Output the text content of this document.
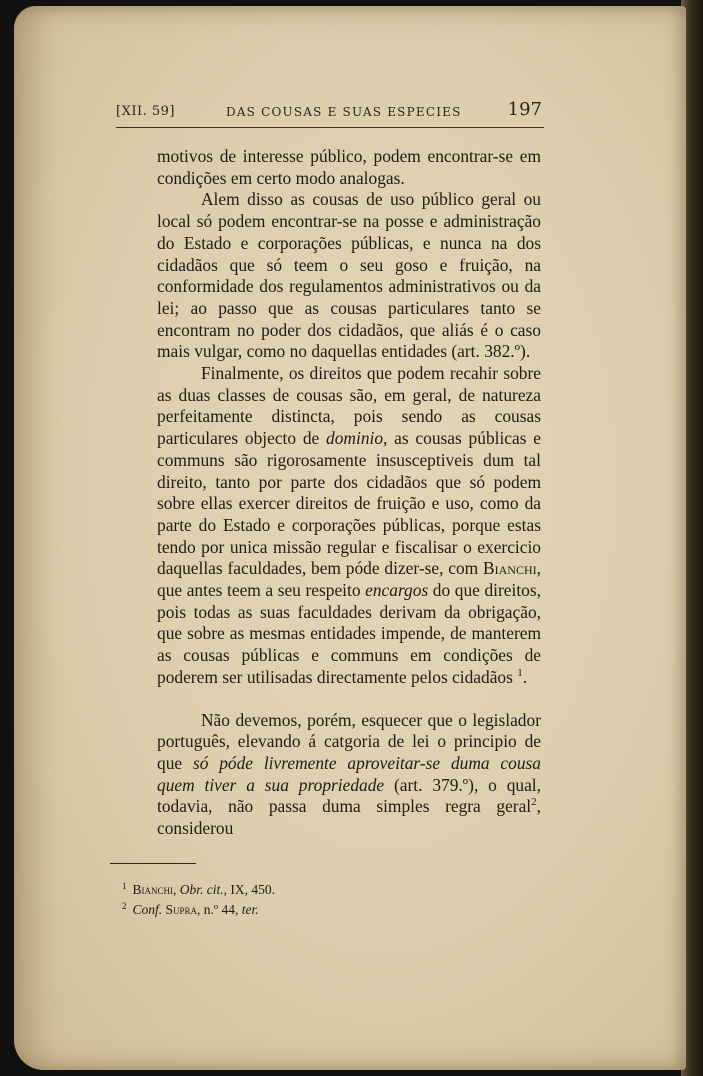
[XII. 59]	DAS COUSAS E SUAS ESPECIES	197

motivos de interesse público, podem encontrar-se em condições em certo modo analogas.

Alem disso as cousas de uso público geral ou local só podem encontrar-se na posse e administração do Estado e corporações públicas, e nunca na dos cidadãos que só teem o seu goso e fruição, na conformidade dos regulamentos administrativos ou da lei; ao passo que as cousas particulares tanto se encontram no poder dos cidadãos, que aliás é o caso mais vulgar, como no daquellas entidades (art. 382.º).

Finalmente, os direitos que podem recahir sobre as duas classes de cousas são, em geral, de natureza perfeitamente distincta, pois sendo as cousas particulares objecto de dominio, as cousas públicas e communs são rigorosamente insusceptiveis dum tal direito, tanto por parte dos cidadãos que só podem sobre ellas exercer direitos de fruição e uso, como da parte do Estado e corporações públicas, porque estas tendo por unica missão regular e fiscalisar o exercicio daquellas faculdades, bem póde dizer-se, com Bianchi, que antes teem a seu respeito encargos do que direitos, pois todas as suas faculdades derivam da obrigação, que sobre as mesmas entidades impende, de manterem as cousas públicas e communs em condições de poderem ser utilisadas directamente pelos cidadãos $^1$.

Não devemos, porém, esquecer que o legislador português, elevando á catgoria de lei o principio de que só póde livremente aproveitar-se duma cousa quem tiver a sua propriedade (art. 379.º), o qual, todavia, não passa duma simples regra geral$^2$, considerou

$^1$ Bianchi, Obr. cit., IX, 450.
$^2$ Conf. Supra, n.º 44, ter.
